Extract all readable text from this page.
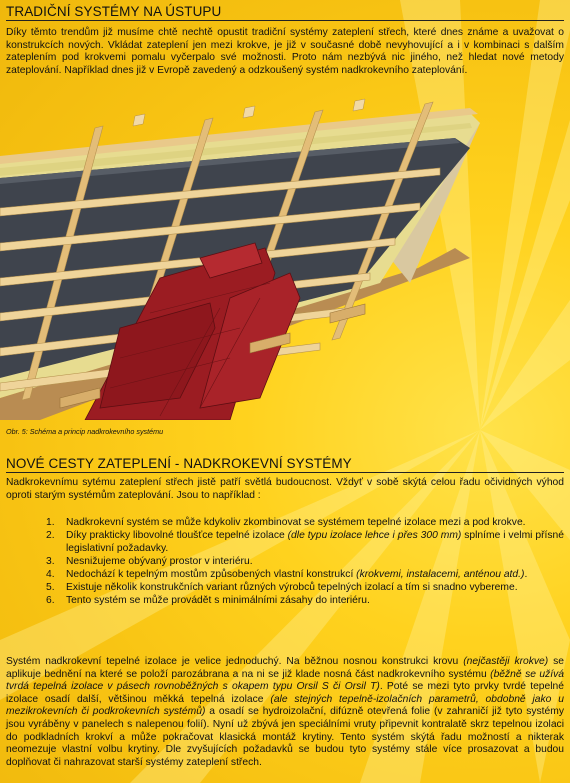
TRADIČNÍ SYSTÉMY NA ÚSTUPU

Díky těmto trendům již musíme chtě nechtě opustit tradiční systémy zateplení střech, které dnes známe a uvažovat o konstrukcích nových. Vkládat zateplení jen mezi krokve, je již v současné době nevyhovující a i v kombinaci s dalším zateplením pod krokvemi pomalu vyčerpalo své možnosti. Proto nám nezbývá nic jiného, než hledat nové metody zateplování. Například dnes již v Evropě zavedený a odzkoušený systém nadkrokevního zateplování.

Obr. 5: Schéma a princip nadkrokevního systému
NOVÉ CESTY ZATEPLENÍ - NADKROKEVNÍ SYSTÉMY

Nadkrokevnímu sytému zateplení střech jistě patří světlá budoucnost. Vždyť v sobě skýtá celou řadu očividných výhod oproti starým systémům zateplování. Jsou to například :

1. Nadkrokevní systém se může kdykoliv zkombinovat se systémem tepelné izolace mezi a pod krokve.
2. Díky prakticky libovolné tloušťce tepelné izolace (dle typu izolace lehce i přes 300 mm) splníme i velmi přísné legislativní požadavky.
3. Nesnižujeme obývaný prostor v interiéru.
4. Nedochází k tepelným mostům způsobených vlastní konstrukcí (krokvemi, instalacemi, anténou atd.).
5. Existuje několik konstrukčních variant různých výrobců tepelných izolací a tím si snadno vybereme.
6. Tento systém se může provádět s minimálními zásahy do interiéru.

Systém nadkrokevní tepelné izolace je velice jednoduchý. Na běžnou nosnou konstrukci krovu (nejčastěji krokve) se aplikuje bednění na které se položí parozábrana a na ni se již klade nosná část nadkrokevního systému (běžně se užívá tvrdá tepelná izolace v pásech rovnoběžných s okapem typu Orsil S či Orsil T). Poté se mezi tyto prvky tvrdé tepelné izolace osadí další, většinou měkká tepelná izolace (ale stejných tepelně-izolačních parametrů, obdobně jako u mezikrokevních či podkrokevních systémů) a osadí se hydroizolační, difúzně otevřená folie (v zahraničí již tyto systémy jsou vyráběny v panelech s nalepenou folií). Nyní už zbývá jen speciálními vruty připevnit kontralatě skrz tepelnou izolaci do podkladních krokví a může pokračovat klasická montáž krytiny. Tento systém skýtá řadu možností a nikterak neomezuje vlastní volbu krytiny. Dle zvyšujících požadavků se budou tyto systémy stále více prosazovat a budou doplňovat či nahrazovat starší systémy zateplení střech.
